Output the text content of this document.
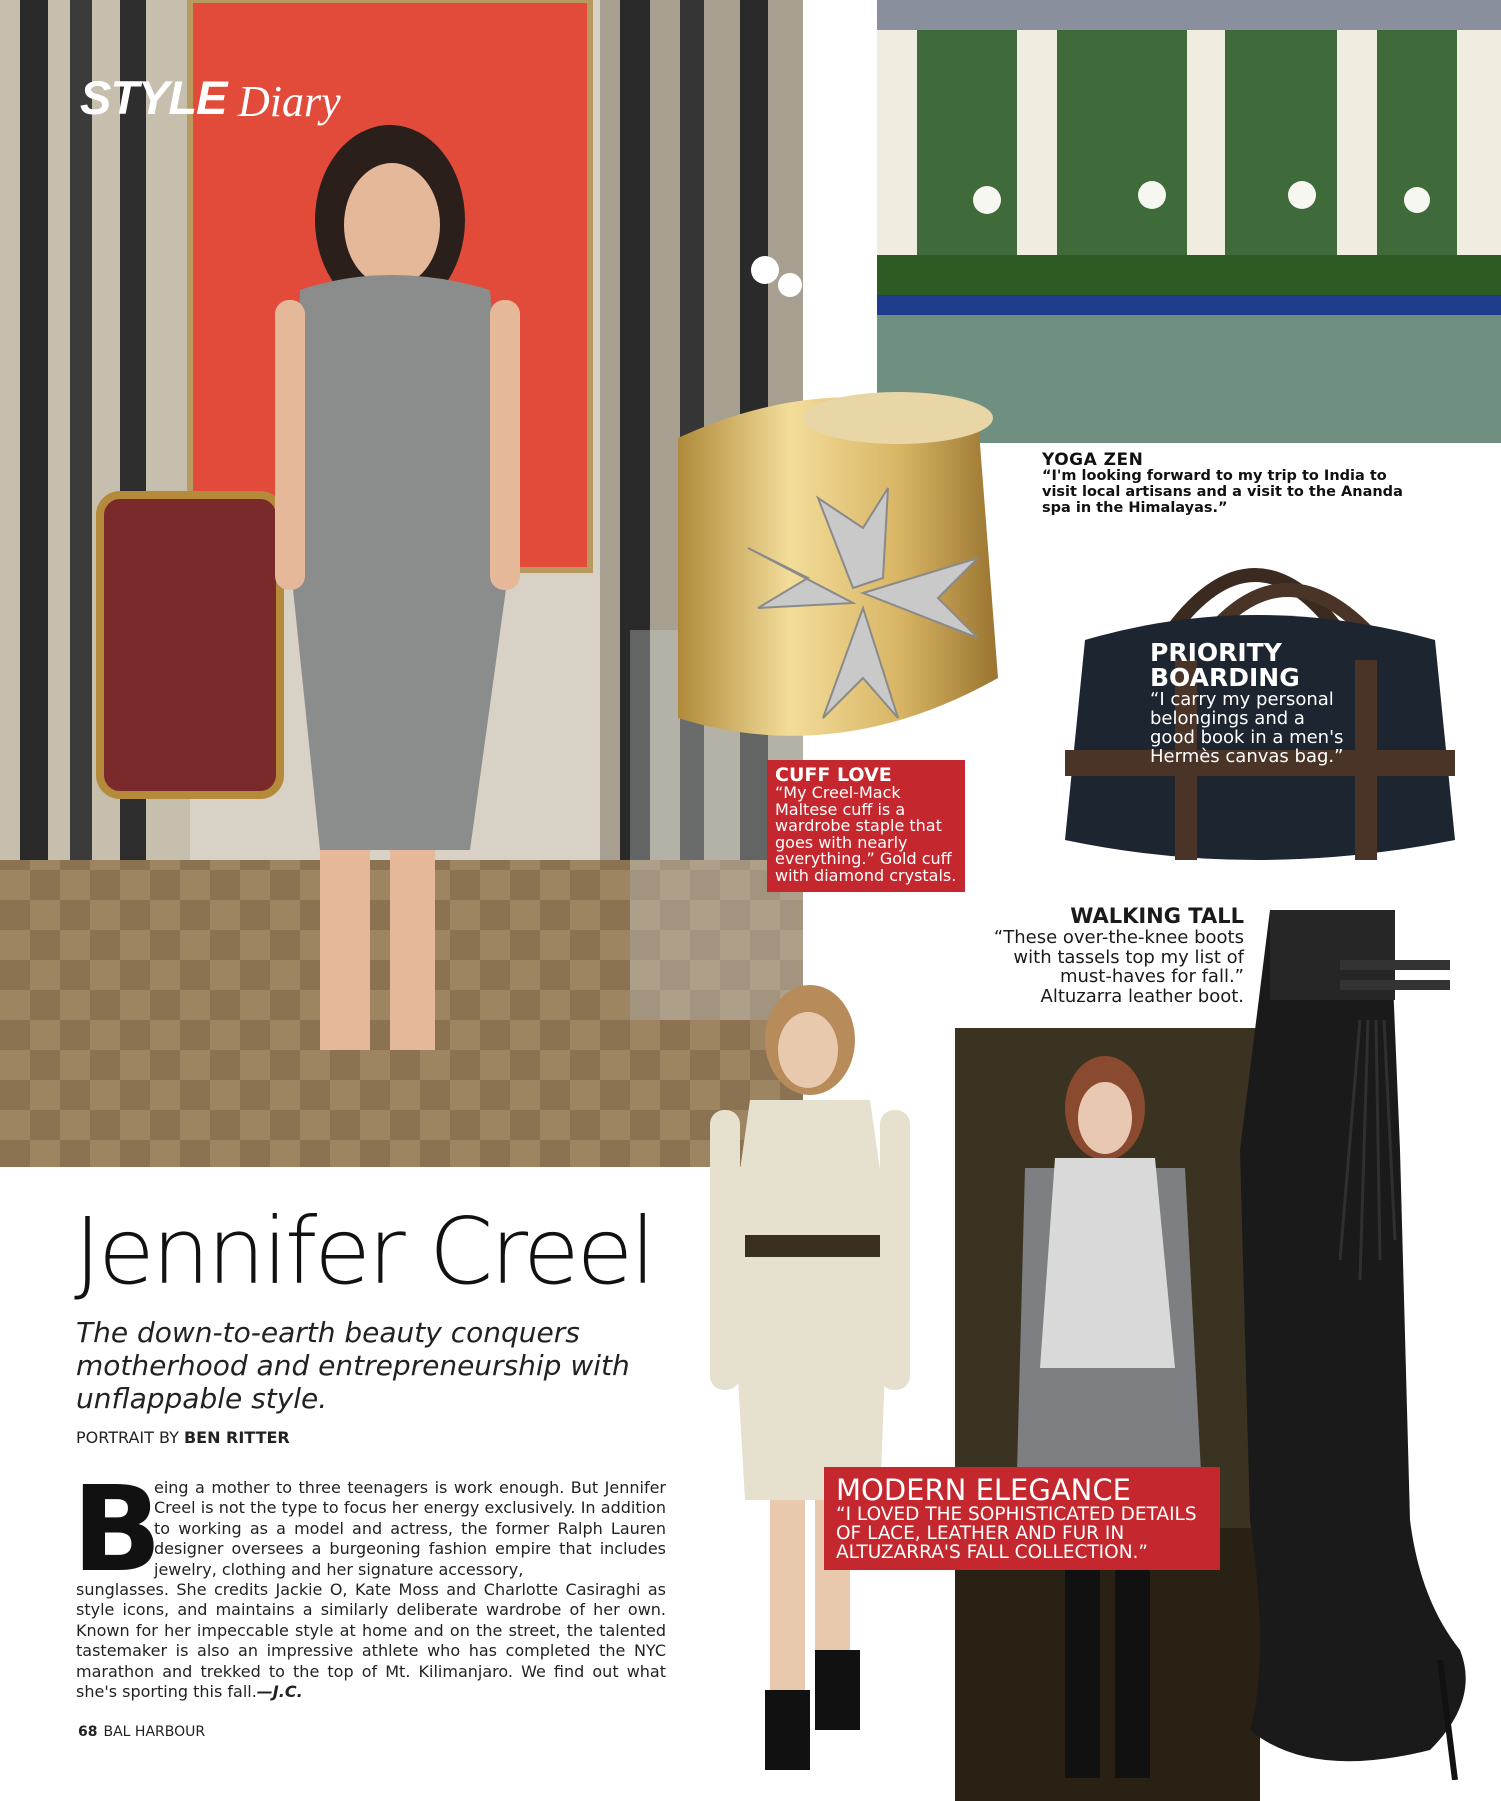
STYLE Diary
YOGA ZEN
“I'm looking forward to my trip to India to visit local artisans and a visit to the Ananda spa in the Himalayas.”
CUFF LOVE
“My Creel-Mack Maltese cuff is a wardrobe staple that goes with nearly everything.” Gold cuff with diamond crystals.
PRIORITY BOARDING
“I carry my personal belongings and a good book in a men's Hermès canvas bag.”
WALKING TALL
“These over-the-knee boots with tassels top my list of must-haves for fall.” Altuzarra leather boot.
MODERN ELEGANCE
“I LOVED THE SOPHISTICATED DETAILS OF LACE, LEATHER AND FUR IN ALTUZARRA'S FALL COLLECTION.”
Jennifer Creel
The down-to-earth beauty conquers motherhood and entrepreneurship with unflappable style.
PORTRAIT BY BEN RITTER
B
eing a mother to three teenagers is work enough. But Jennifer Creel is not the type to focus her energy exclusively. In addition to working as a model and actress, the former Ralph Lauren designer oversees a burgeoning fashion empire that includes jewelry, clothing and her signature accessory,
sunglasses. She credits Jackie O, Kate Moss and Charlotte Casiraghi as style icons, and maintains a similarly deliberate wardrobe of her own. Known for her impeccable style at home and on the street, the talented tastemaker is also an impressive athlete who has completed the NYC marathon and trekked to the top of Mt. Kilimanjaro. We find out what she's sporting this fall.—J.C.
68 BAL HARBOUR
